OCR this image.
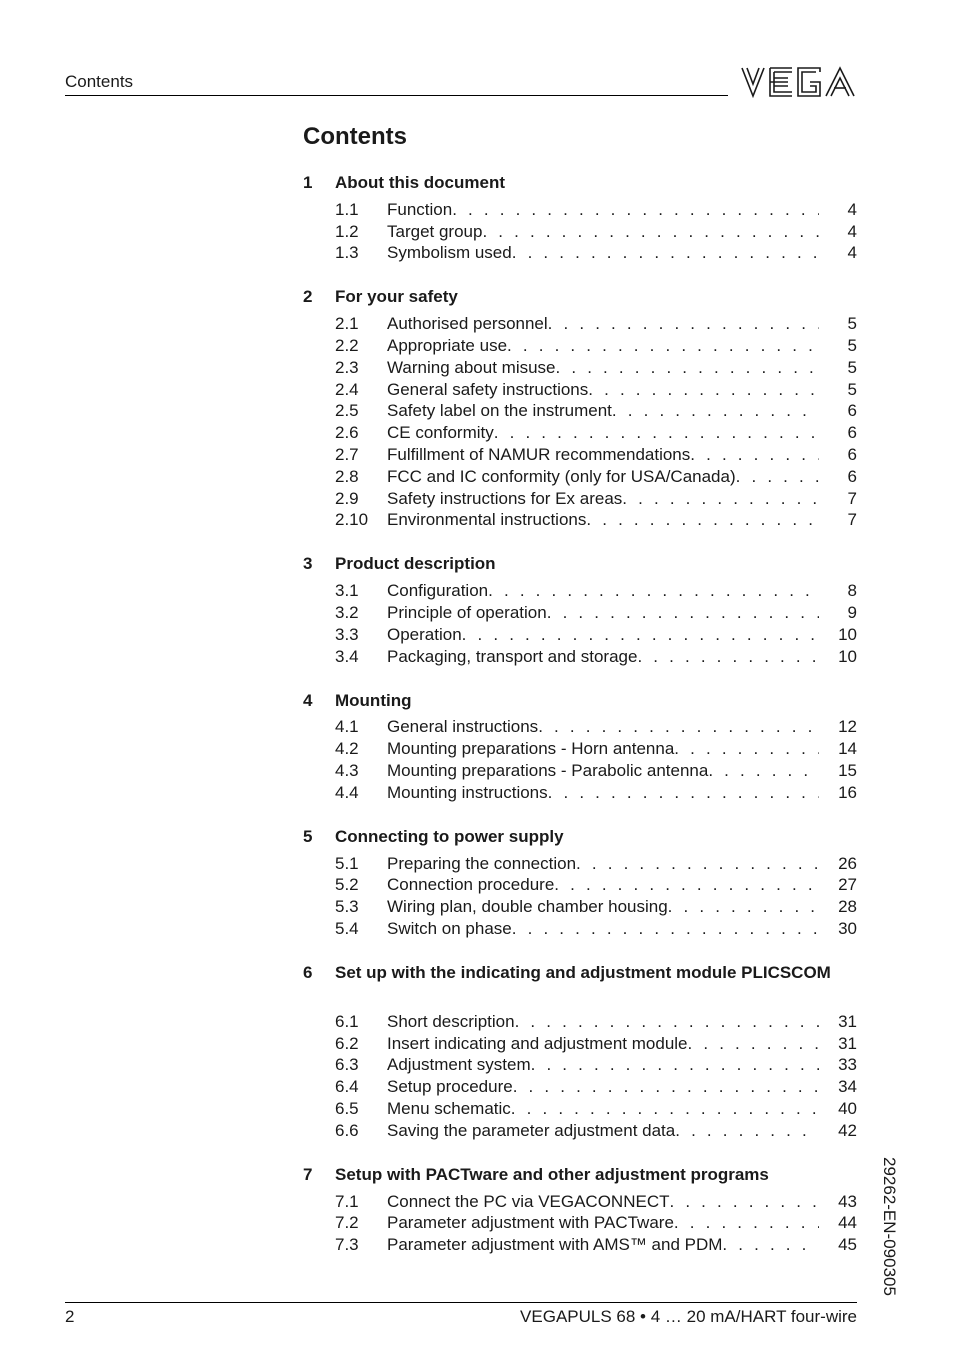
Contents
Contents
1	About this document
1.1	Function . . .	4
1.2	Target group . . .	4
1.3	Symbolism used . . .	4
2	For your safety
2.1	Authorised personnel . . .	5
2.2	Appropriate use . . .	5
2.3	Warning about misuse . . .	5
2.4	General safety instructions . . .	5
2.5	Safety label on the instrument . . .	6
2.6	CE conformity . . .	6
2.7	Fulfillment of NAMUR recommendations . . .	6
2.8	FCC and IC conformity (only for USA/Canada) . . .	6
2.9	Safety instructions for Ex areas . . .	7
2.10	Environmental instructions . . .	7
3	Product description
3.1	Configuration . . .	8
3.2	Principle of operation . . .	9
3.3	Operation . . .	10
3.4	Packaging, transport and storage . . .	10
4	Mounting
4.1	General instructions . . .	12
4.2	Mounting preparations - Horn antenna . . .	14
4.3	Mounting preparations - Parabolic antenna . . .	15
4.4	Mounting instructions . . .	16
5	Connecting to power supply
5.1	Preparing the connection . . .	26
5.2	Connection procedure . . .	27
5.3	Wiring plan, double chamber housing . . .	28
5.4	Switch on phase . . .	30
6	Set up with the indicating and adjustment module PLICSCOM
6.1	Short description . . .	31
6.2	Insert indicating and adjustment module . . .	31
6.3	Adjustment system . . .	33
6.4	Setup procedure . . .	34
6.5	Menu schematic . . .	40
6.6	Saving the parameter adjustment data . . .	42
7	Setup with PACTware and other adjustment programs
7.1	Connect the PC via VEGACONNECT . . .	43
7.2	Parameter adjustment with PACTware . . .	44
7.3	Parameter adjustment with AMS™ and PDM . . .	45 29262-EN-090305
2	VEGAPULS 68 • 4 … 20 mA/HART four-wire
